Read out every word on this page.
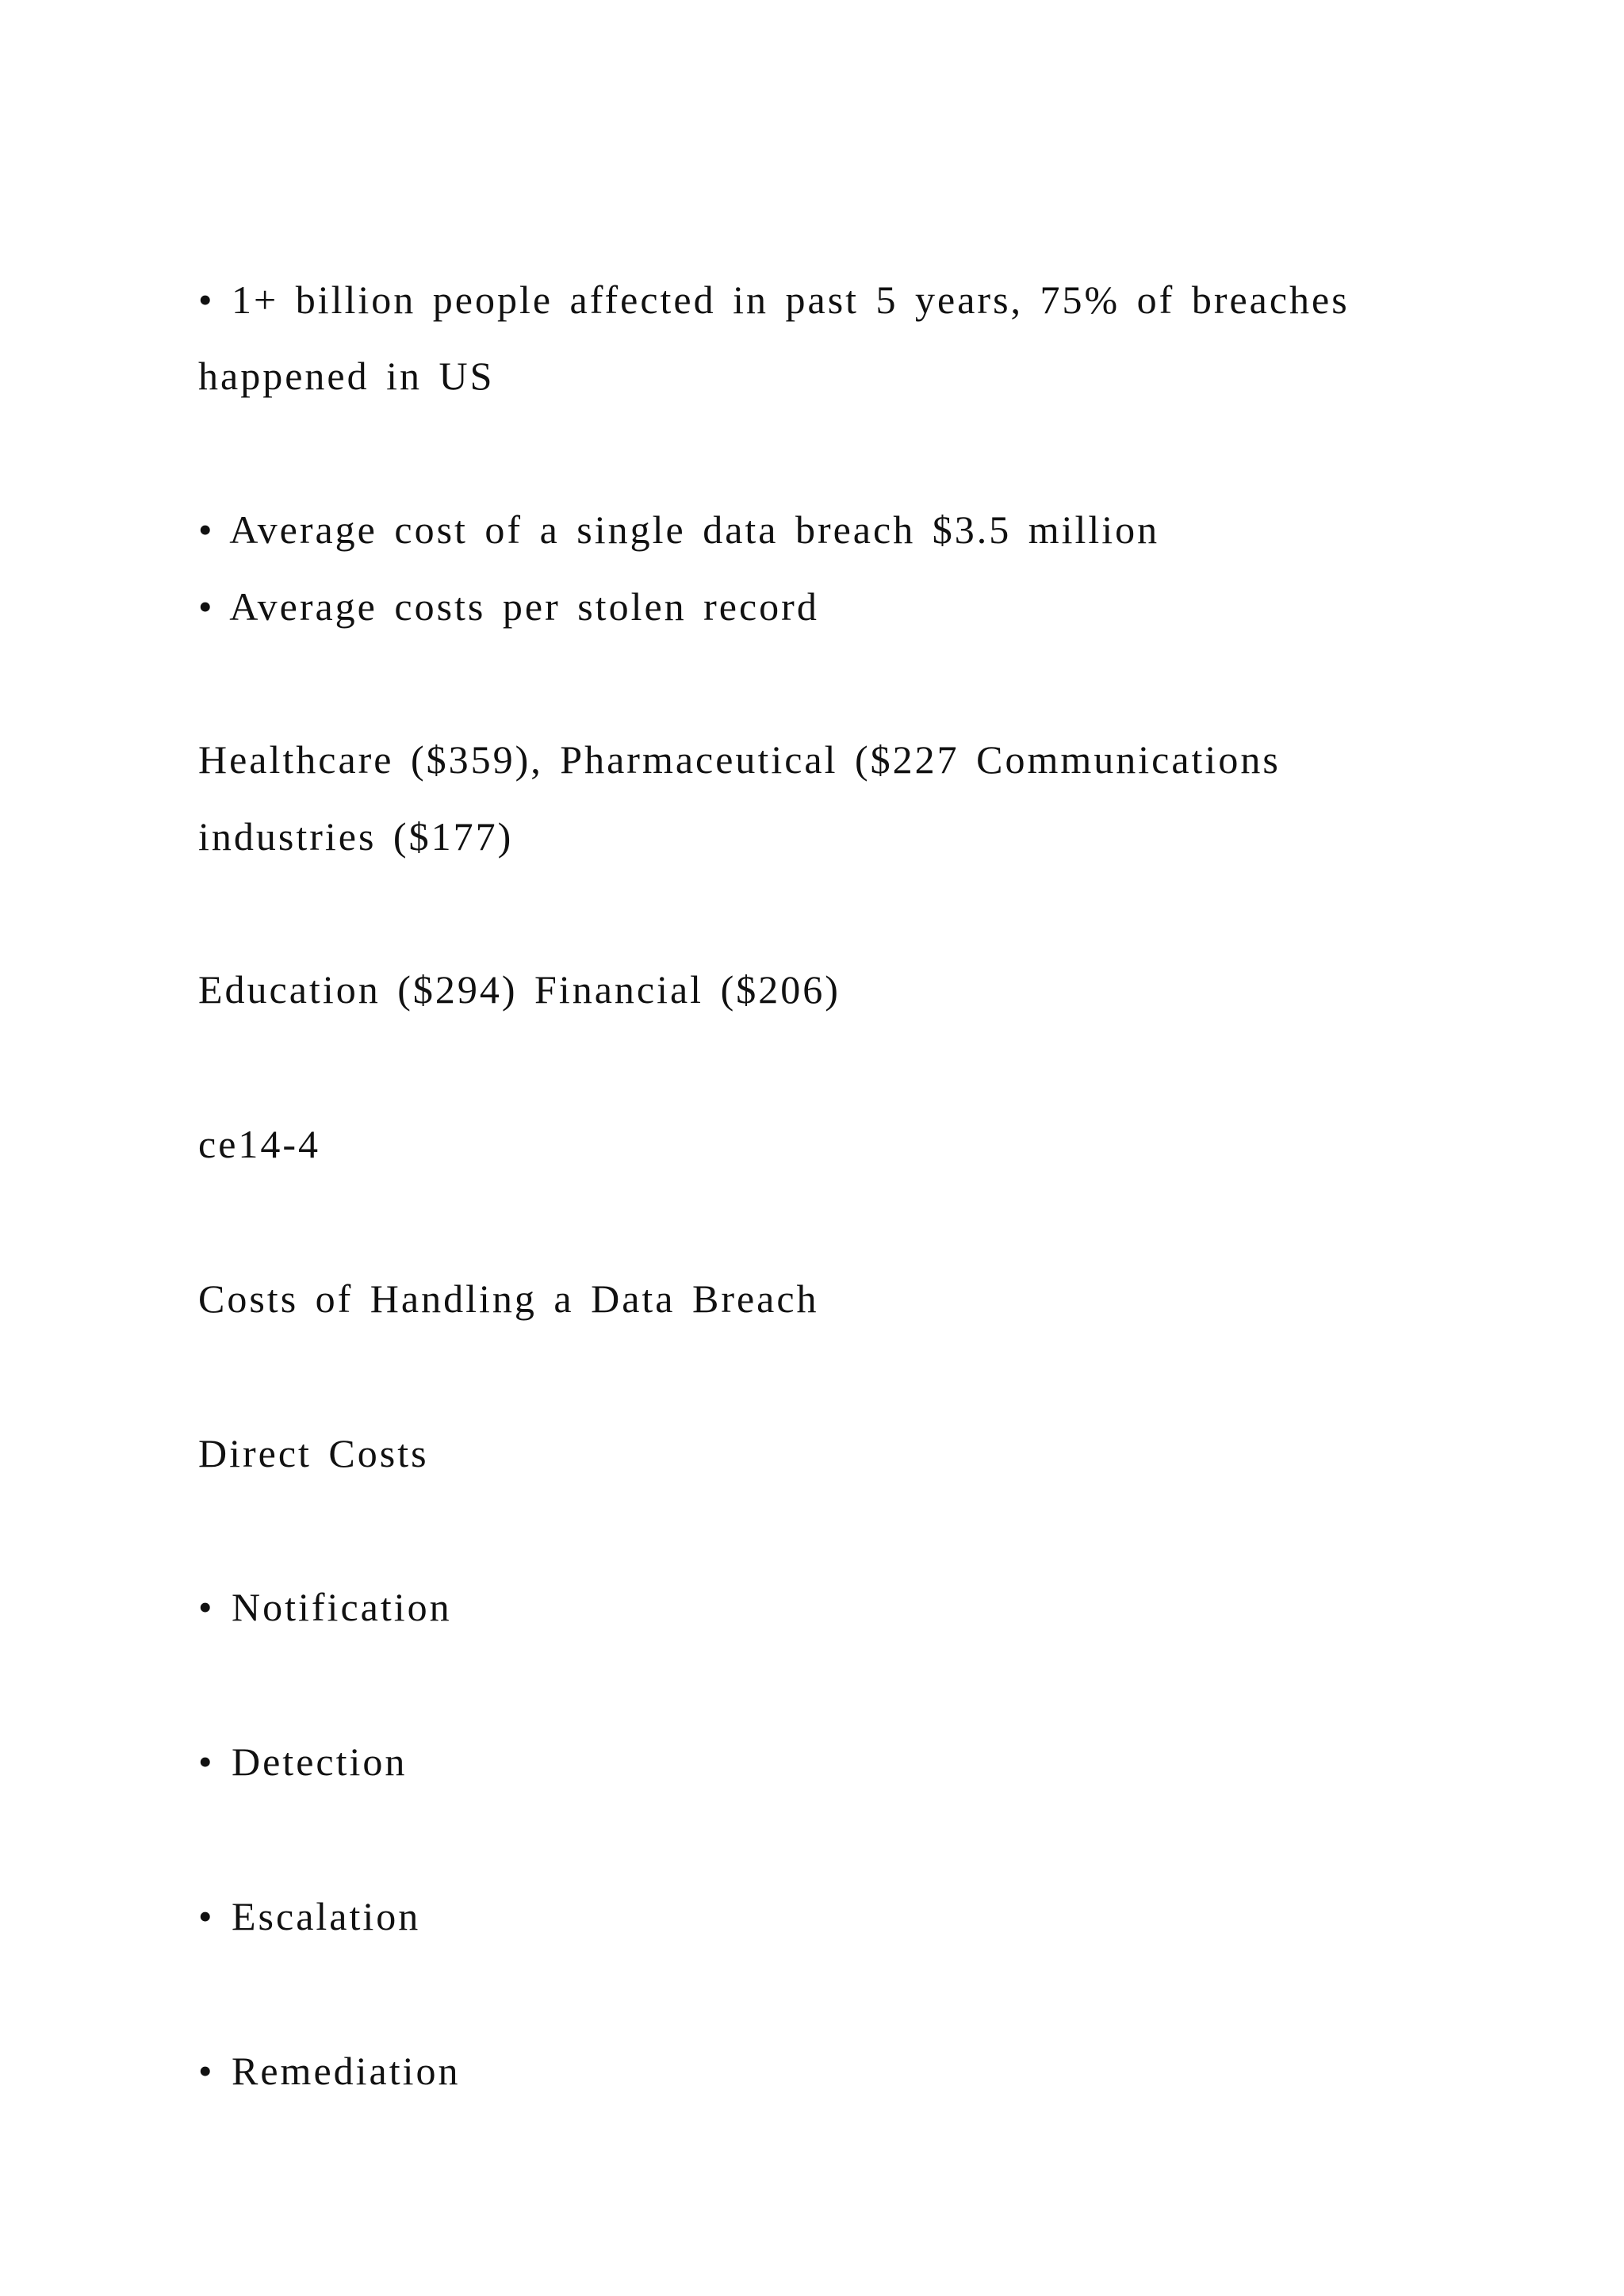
• 1+ billion people affected in past 5 years, 75% of breaches

happened in US

• Average cost of a single data breach $3.5 million

• Average costs per stolen record

Healthcare ($359), Pharmaceutical ($227 Communications

industries ($177)

Education ($294) Financial ($206)

ce14-4

Costs of Handling a Data Breach

Direct Costs

• Notification

• Detection

• Escalation

• Remediation
